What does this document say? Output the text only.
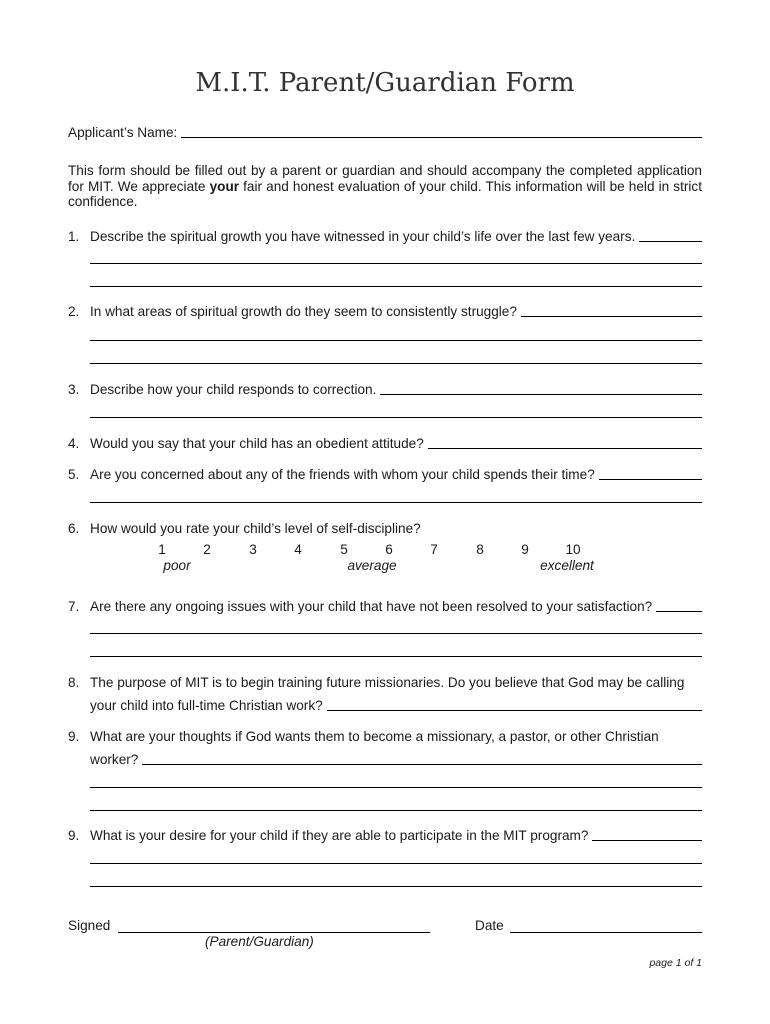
M.I.T. Parent/Guardian Form
Applicant’s Name:
This form should be filled out by a parent or guardian and should accompany the completed application for MIT. We appreciate your fair and honest evaluation of your child. This information will be held in strict confidence.
1. Describe the spiritual growth you have witnessed in your child’s life over the last few years.
2. In what areas of spiritual growth do they seem to consistently struggle?
3. Describe how your child responds to correction.
4. Would you say that your child has an obedient attitude?
5. Are you concerned about any of the friends with whom your child spends their time?
6. How would you rate your child’s level of self-discipline?
1	2	3	4	5	6	7	8	9	10
poor	average	excellent
7. Are there any ongoing issues with your child that have not been resolved to your satisfaction?
8. The purpose of MIT is to begin training future missionaries. Do you believe that God may be calling
your child into full-time Christian work?
9. What are your thoughts if God wants them to become a missionary, a pastor, or other Christian
worker?
9. What is your desire for your child if they are able to participate in the MIT program?
Signed
(Parent/Guardian)
Date
page 1 of 1
